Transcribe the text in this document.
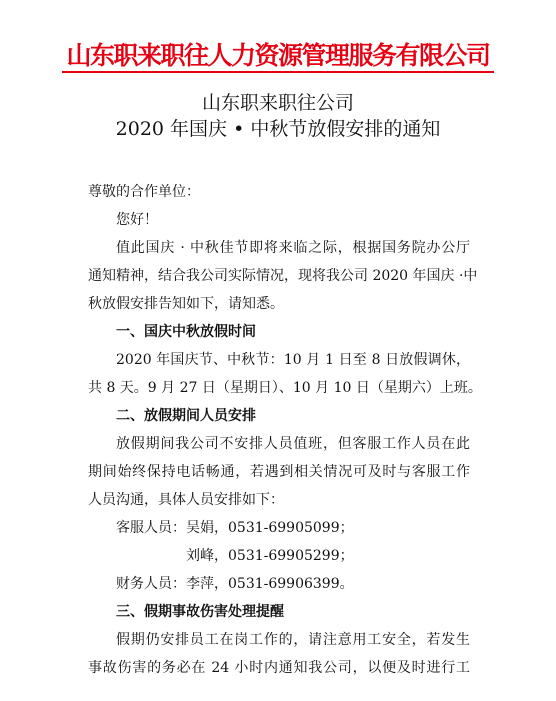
山东职来职往人力资源管理服务有限公司
山东职来职往公司
2020 年国庆 • 中秋节放假安排的通知
尊敬的合作单位：
您好！
值此国庆 · 中秋佳节即将来临之际，根据国务院办公厅
通知精神，结合我公司实际情况，现将我公司 2020 年国庆 ·中
秋放假安排告知如下，请知悉。
一、国庆中秋放假时间
2020 年国庆节、中秋节：10 月 1 日至 8 日放假调休，
共 8 天。9 月 27 日（星期日）、10 月 10 日（星期六）上班。
二、放假期间人员安排
放假期间我公司不安排人员值班，但客服工作人员在此
期间始终保持电话畅通，若遇到相关情况可及时与客服工作
人员沟通，具体人员安排如下：
客服人员：吴娟，0531-69905099；
刘峰，0531-69905299；
财务人员：李萍，0531-69906399。
三、假期事故伤害处理提醒
假期仍安排员工在岗工作的，请注意用工安全，若发生
事故伤害的务必在 24 小时内通知我公司，以便及时进行工
